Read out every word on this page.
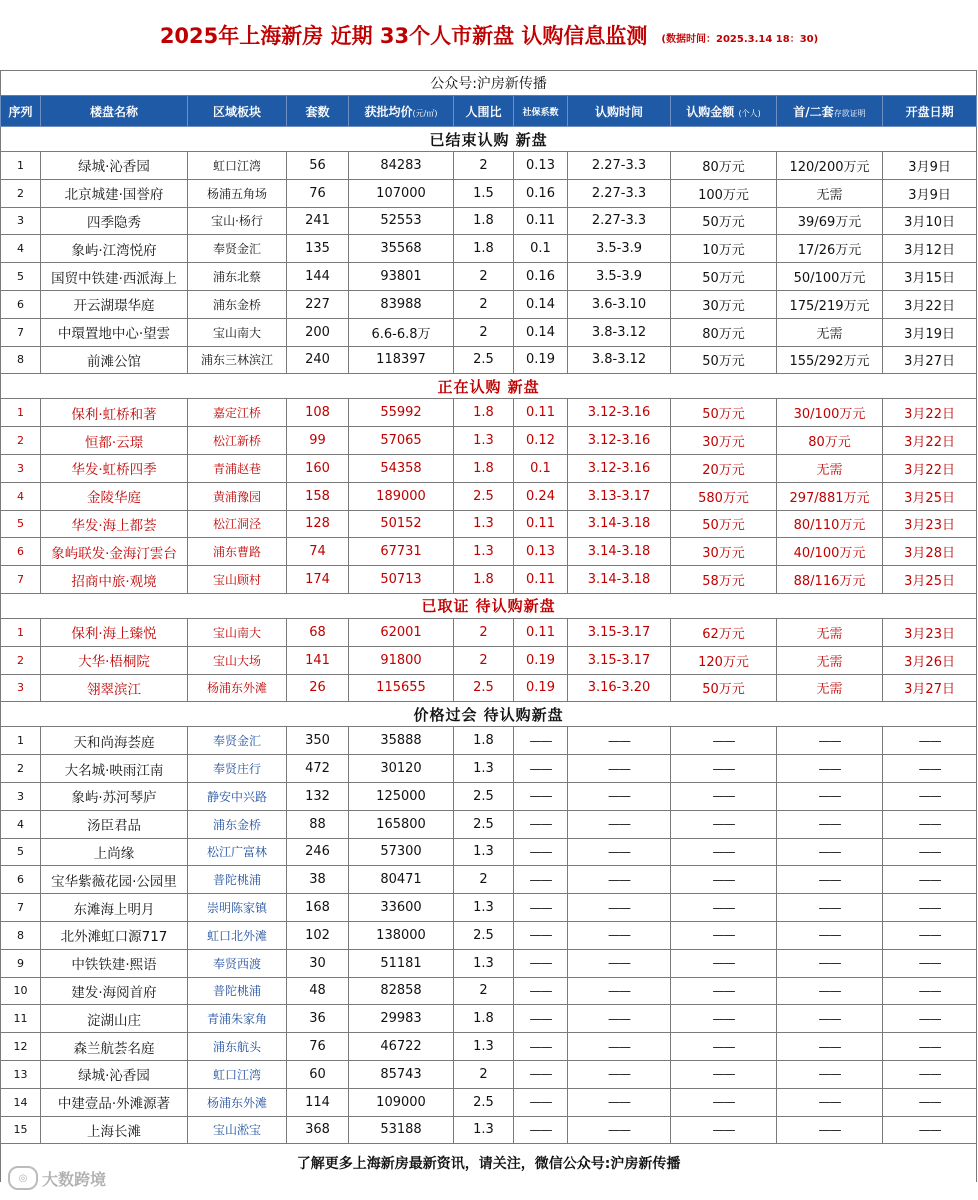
2025年上海新房 近期 33个人市新盘 认购信息监测 (数据时间：2025.3.14 18：30)
公众号:沪房新传播										
序列	楼盘名称	区域板块	套数	获批均价(元/㎡)	人围比	社保系数	认购时间	认购金额 (个人)	首/二套存款证明	开盘日期
已结束认购 新盘										
1	绿城·沁香园	虹口江湾	56	84283	2	0.13	2.27-3.3	80万元	120/200万元	3月9日
2	北京城建·国誉府	杨浦五角场	76	107000	1.5	0.16	2.27-3.3	100万元	无需	3月9日
3	四季隐秀	宝山·杨行	241	52553	1.8	0.11	2.27-3.3	50万元	39/69万元	3月10日
4	象屿·江湾悦府	奉贤金汇	135	35568	1.8	0.1	3.5-3.9	10万元	17/26万元	3月12日
5	国贸中铁建·西派海上	浦东北蔡	144	93801	2	0.16	3.5-3.9	50万元	50/100万元	3月15日
6	开云湖璟华庭	浦东金桥	227	83988	2	0.14	3.6-3.10	30万元	175/219万元	3月22日
7	中環置地中心·望雲	宝山南大	200	6.6-6.8万	2	0.14	3.8-3.12	80万元	无需	3月19日
8	前滩公馆	浦东三林滨江	240	118397	2.5	0.19	3.8-3.12	50万元	155/292万元	3月27日
正在认购 新盘										
1	保利·虹桥和著	嘉定江桥	108	55992	1.8	0.11	3.12-3.16	50万元	30/100万元	3月22日
2	恒都·云璟	松江新桥	99	57065	1.3	0.12	3.12-3.16	30万元	80万元	3月22日
3	华发·虹桥四季	青浦赵巷	160	54358	1.8	0.1	3.12-3.16	20万元	无需	3月22日
4	金陵华庭	黄浦豫园	158	189000	2.5	0.24	3.13-3.17	580万元	297/881万元	3月25日
5	华发·海上都荟	松江洞泾	128	50152	1.3	0.11	3.14-3.18	50万元	80/110万元	3月23日
6	象屿联发·金海汀雲台	浦东曹路	74	67731	1.3	0.13	3.14-3.18	30万元	40/100万元	3月28日
7	招商中旅·观境	宝山顾村	174	50713	1.8	0.11	3.14-3.18	58万元	88/116万元	3月25日
已取证 待认购新盘										
1	保利·海上臻悦	宝山南大	68	62001	2	0.11	3.15-3.17	62万元	无需	3月23日
2	大华·梧桐院	宝山大场	141	91800	2	0.19	3.15-3.17	120万元	无需	3月26日
3	翎翠滨江	杨浦东外滩	26	115655	2.5	0.19	3.16-3.20	50万元	无需	3月27日
价格过会 待认购新盘										
1	天和尚海荟庭	奉贤金汇	350	35888	1.8	——	——	——	——	——
2	大名城·映雨江南	奉贤庄行	472	30120	1.3	——	——	——	——	——
3	象屿·苏河琴庐	静安中兴路	132	125000	2.5	——	——	——	——	——
4	汤臣君品	浦东金桥	88	165800	2.5	——	——	——	——	——
5	上尚缘	松江广富林	246	57300	1.3	——	——	——	——	——
6	宝华紫薇花园·公园里	普陀桃浦	38	80471	2	——	——	——	——	——
7	东滩海上明月	崇明陈家镇	168	33600	1.3	——	——	——	——	——
8	北外滩虹口源717	虹口北外滩	102	138000	2.5	——	——	——	——	——
9	中铁铁建·熙语	奉贤西渡	30	51181	1.3	——	——	——	——	——
10	建发·海阅首府	普陀桃浦	48	82858	2	——	——	——	——	——
11	淀湖山庄	青浦朱家角	36	29983	1.8	——	——	——	——	——
12	森兰航荟名庭	浦东航头	76	46722	1.3	——	——	——	——	——
13	绿城·沁香园	虹口江湾	60	85743	2	——	——	——	——	——
14	中建壹品·外滩源著	杨浦东外滩	114	109000	2.5	——	——	——	——	——
15	上海长滩	宝山淞宝	368	53188	1.3	——	——	——	——	——
了解更多上海新房最新资讯，请关注，微信公众号:沪房新传播										
◎ 大数跨境
